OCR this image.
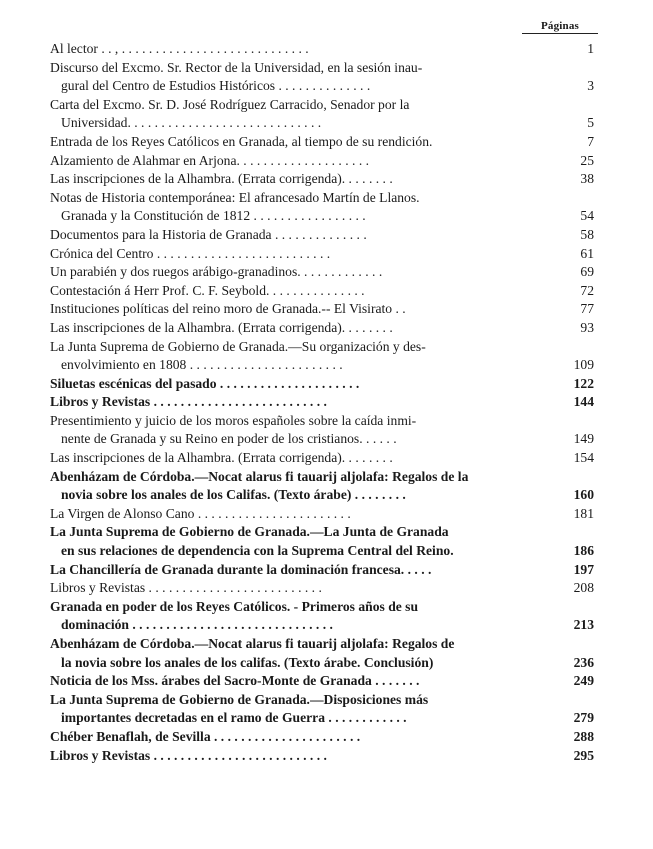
Páginas
Al lector . . , . . . . . . . . . . . . . . . . . . . . . . . . . . . .	1
Discurso del Excmo. Sr. Rector de la Universidad, en la sesión inau-
gural del Centro de Estudios Históricos . . . . . . . . . . . . . .	3
Carta del Excmo. Sr. D. José Rodríguez Carracido, Senador por la
Universidad. . . . . . . . . . . . . . . . . . . . . . . . . . . . .	5
Entrada de los Reyes Católicos en Granada, al tiempo de su rendición.	7
Alzamiento de Alahmar en Arjona. . . . . . . . . . . . . . . . . . . .	25
Las inscripciones de la Alhambra. (Errata corrigenda). . . . . . . .	38
Notas de Historia contemporánea: El afrancesado Martín de Llanos.
Granada y la Constitución de 1812 . . . . . . . . . . . . . . . . .	54
Documentos para la Historia de Granada . . . . . . . . . . . . . .	58
Crónica del Centro . . . . . . . . . . . . . . . . . . . . . . . . . .	61
Un parabién y dos ruegos arábigo-granadinos. . . . . . . . . . . . .	69
Contestación á Herr Prof. C. F. Seybold. . . . . . . . . . . . . . .	72
Instituciones políticas del reino moro de Granada.-- El Visirato . .	77
Las inscripciones de la Alhambra. (Errata corrigenda). . . . . . . .	93
La Junta Suprema de Gobierno de Granada.—Su organización y des-
envolvimiento en 1808 . . . . . . . . . . . . . . . . . . . . . . .	109
Siluetas escénicas del pasado . . . . . . . . . . . . . . . . . . . . .	122
Libros y Revistas . . . . . . . . . . . . . . . . . . . . . . . . . .	144
Presentimiento y juicio de los moros españoles sobre la caída inmi-
nente de Granada y su Reino en poder de los cristianos. . . . . .	149
Las inscripciones de la Alhambra. (Errata corrigenda). . . . . . . .	154
Abenházam de Córdoba.—Nocat alarus fi tauarij aljolafa: Regalos de la
novia sobre los anales de los Califas. (Texto árabe) . . . . . . . .	160
La Virgen de Alonso Cano . . . . . . . . . . . . . . . . . . . . . . .	181
La Junta Suprema de Gobierno de Granada.—La Junta de Granada
en sus relaciones de dependencia con la Suprema Central del Reino.	186
La Chancillería de Granada durante la dominación francesa. . . . .	197
Libros y Revistas . . . . . . . . . . . . . . . . . . . . . . . . . .	208
Granada en poder de los Reyes Católicos. - Primeros años de su
dominación . . . . . . . . . . . . . . . . . . . . . . . . . . . . . .	213
Abenházam de Córdoba.—Nocat alarus fi tauarij aljolafa: Regalos de
la novia sobre los anales de los califas. (Texto árabe. Conclusión)	236
Noticia de los Mss. árabes del Sacro-Monte de Granada . . . . . . .	249
La Junta Suprema de Gobierno de Granada.—Disposiciones más
importantes decretadas en el ramo de Guerra . . . . . . . . . . . .	279
Chéber Benaflah, de Sevilla . . . . . . . . . . . . . . . . . . . . . .	288
Libros y Revistas . . . . . . . . . . . . . . . . . . . . . . . . . .	295
